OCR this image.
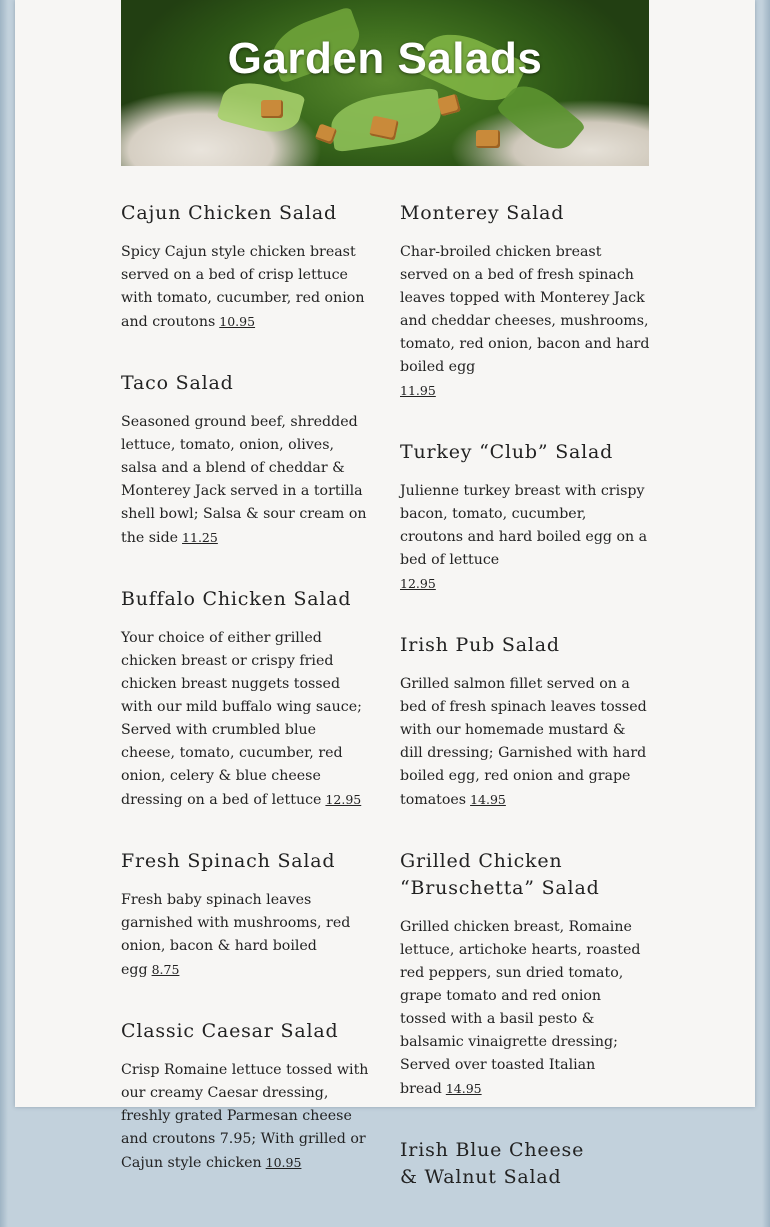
Garden Salads
Cajun Chicken Salad

Spicy Cajun style chicken breast served on a bed of crisp lettuce with tomato, cucumber, red onion and croutons 10.95

Taco Salad

Seasoned ground beef, shredded lettuce, tomato, onion, olives, salsa and a blend of cheddar & Monterey Jack served in a tortilla shell bowl; Salsa & sour cream on the side 11.25

Buffalo Chicken Salad

Your choice of either grilled chicken breast or crispy fried chicken breast nuggets tossed with our mild buffalo wing sauce; Served with crumbled blue cheese, tomato, cucumber, red onion, celery & blue cheese dressing on a bed of lettuce 12.95

Fresh Spinach Salad

Fresh baby spinach leaves garnished with mushrooms, red onion, bacon & hard boiled egg 8.75

Classic Caesar Salad

Crisp Romaine lettuce tossed with our creamy Caesar dressing, freshly grated Parmesan cheese and croutons 7.95; With grilled or Cajun style chicken 10.95

Monterey Salad

Char-broiled chicken breast served on a bed of fresh spinach leaves topped with Monterey Jack and cheddar cheeses, mushrooms, tomato, red onion, bacon and hard boiled egg
11.95

Turkey “Club” Salad

Julienne turkey breast with crispy bacon, tomato, cucumber, croutons and hard boiled egg on a bed of lettuce
12.95

Irish Pub Salad

Grilled salmon fillet served on a bed of fresh spinach leaves tossed with our homemade mustard & dill dressing; Garnished with hard boiled egg, red onion and grape tomatoes 14.95

Grilled Chicken “Bruschetta” Salad

Grilled chicken breast, Romaine lettuce, artichoke hearts, roasted red peppers, sun dried tomato, grape tomato and red onion tossed with a basil pesto & balsamic vinaigrette dressing; Served over toasted Italian bread 14.95

Irish Blue Cheese & Walnut Salad
